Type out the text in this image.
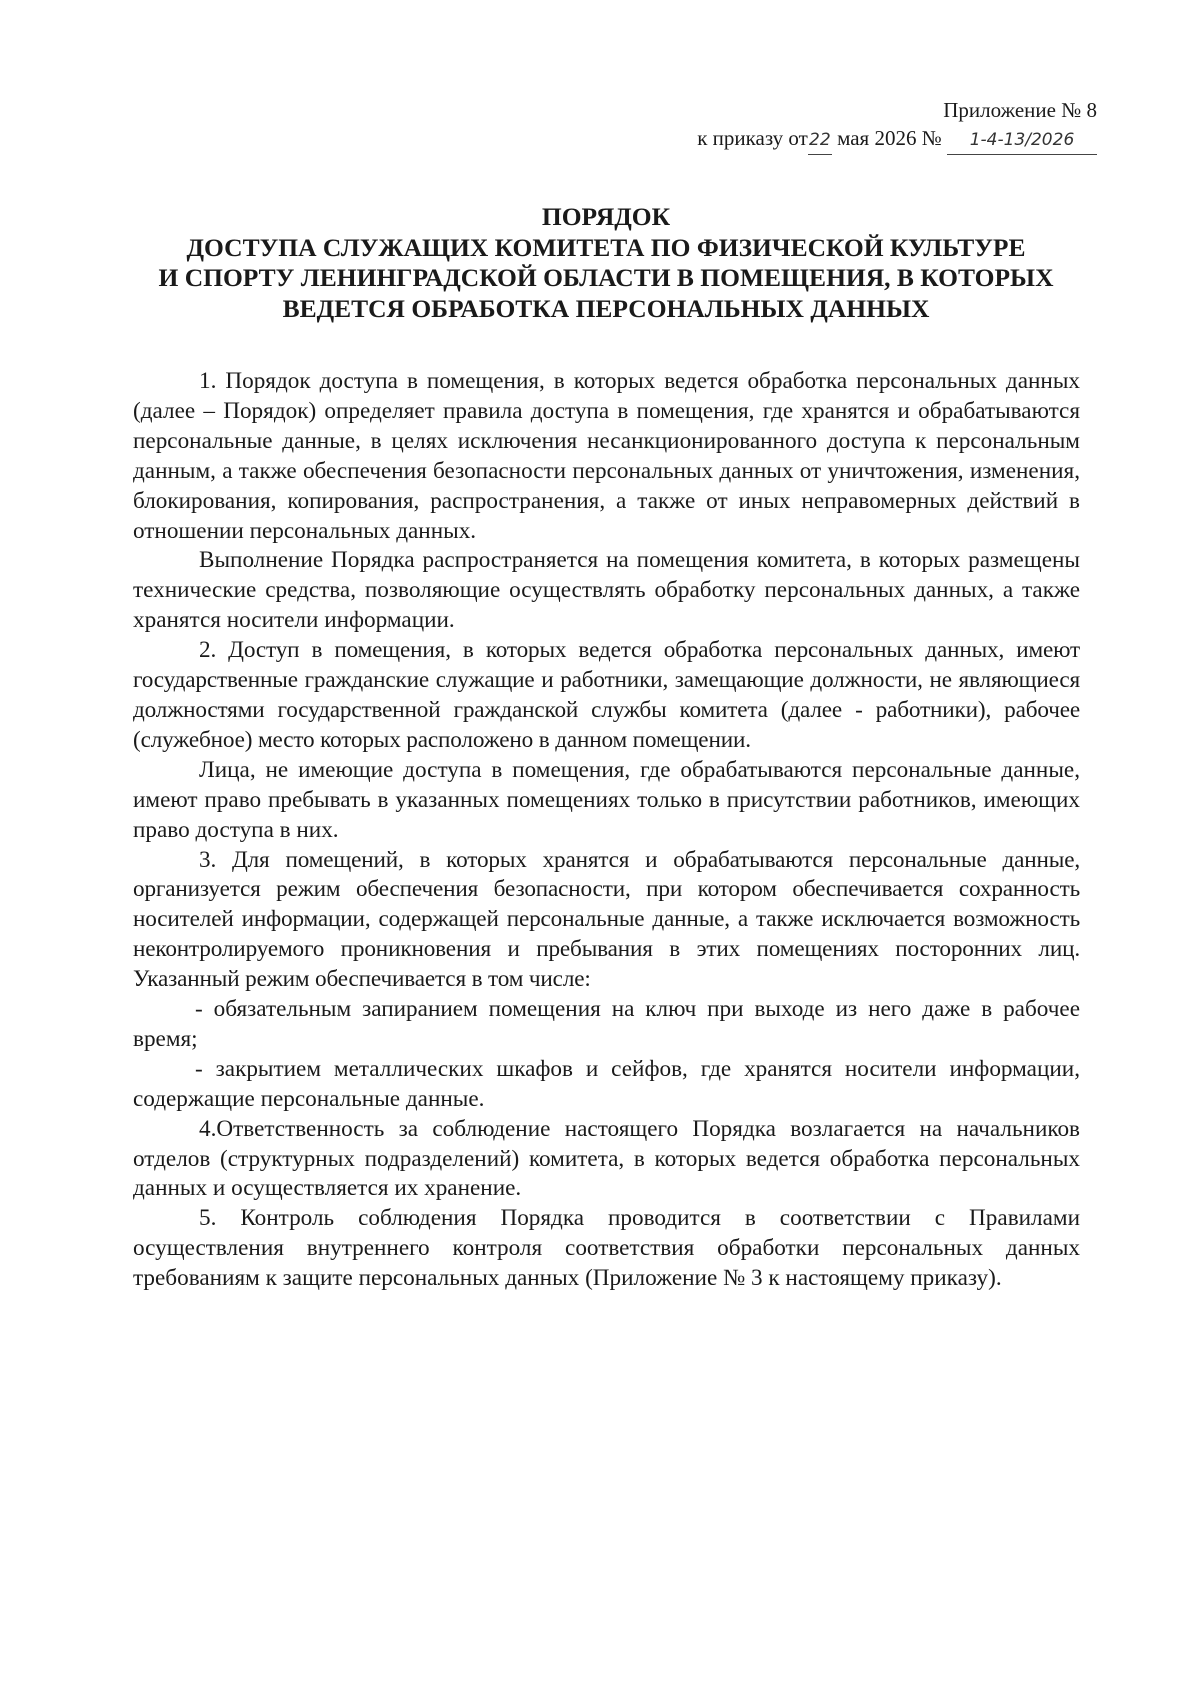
Приложение № 8
к приказу от22 мая 2026 № 1-4-13/2026
ПОРЯДОК
ДОСТУПА СЛУЖАЩИХ КОМИТЕТА ПО ФИЗИЧЕСКОЙ КУЛЬТУРЕ
И СПОРТУ ЛЕНИНГРАДСКОЙ ОБЛАСТИ В ПОМЕЩЕНИЯ, В КОТОРЫХ
ВЕДЕТСЯ ОБРАБОТКА ПЕРСОНАЛЬНЫХ ДАННЫХ

1. Порядок доступа в помещения, в которых ведется обработка персональных данных (далее – Порядок) определяет правила доступа в помещения, где хранятся и обрабатываются персональные данные, в целях исключения несанкционированного доступа к персональным данным, а также обеспечения безопасности персональных данных от уничтожения, изменения, блокирования, копирования, распространения, а также от иных неправомерных действий в отношении персональных данных.

Выполнение Порядка распространяется на помещения комитета, в которых размещены технические средства, позволяющие осуществлять обработку персональных данных, а также хранятся носители информации.

2. Доступ в помещения, в которых ведется обработка персональных данных, имеют государственные гражданские служащие и работники, замещающие должности, не являющиеся должностями государственной гражданской службы комитета (далее - работники), рабочее (служебное) место которых расположено в данном помещении.

Лица, не имеющие доступа в помещения, где обрабатываются персональные данные, имеют право пребывать в указанных помещениях только в присутствии работников, имеющих право доступа в них.

3. Для помещений, в которых хранятся и обрабатываются персональные данные, организуется режим обеспечения безопасности, при котором обеспечивается сохранность носителей информации, содержащей персональные данные, а также исключается возможность неконтролируемого проникновения и пребывания в этих помещениях посторонних лиц. Указанный режим обеспечивается в том числе:

- обязательным запиранием помещения на ключ при выходе из него даже в рабочее время;

- закрытием металлических шкафов и сейфов, где хранятся носители информации, содержащие персональные данные.

4.Ответственность за соблюдение настоящего Порядка возлагается на начальников отделов (структурных подразделений) комитета, в которых ведется обработка персональных данных и осуществляется их хранение.

5. Контроль соблюдения Порядка проводится в соответствии с Правилами осуществления внутреннего контроля соответствия обработки персональных данных требованиям к защите персональных данных (Приложение № 3 к настоящему приказу).
